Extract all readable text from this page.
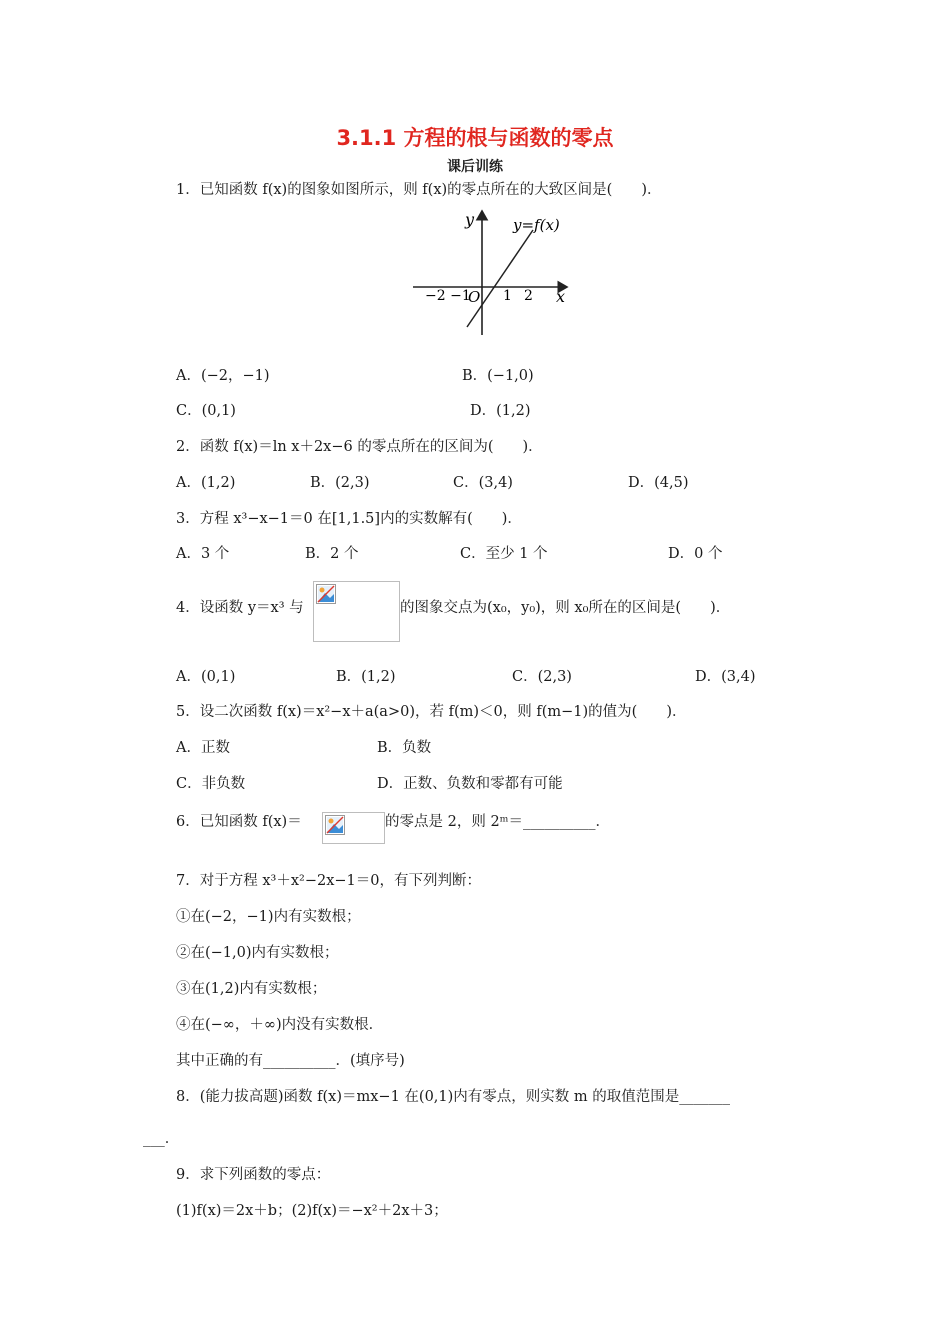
3.1.1 方程的根与函数的零点
课后训练
1．已知函数 f(x)的图象如图所示，则 f(x)的零点所在的大致区间是(　　)．
y	y=f(x)
−2 −1
O 1 2 x
A．(−2，−1)	B．(−1,0)
C．(0,1)	D．(1,2)
2．函数 f(x)＝ln x＋2x−6 的零点所在的区间为(　　)．
A．(1,2)	B．(2,3)	C．(3,4)	D．(4,5)
3．方程 x³−x−1＝0 在[1,1.5]内的实数解有(　　)．
A．3 个	B．2 个	C．至少 1 个	D．0 个
4．设函数 y＝x³ 与	的图象交点为(x₀，y₀)，则 x₀所在的区间是(　　)．
A．(0,1)	B．(1,2)	C．(2,3)	D．(3,4)
5．设二次函数 f(x)＝x²−x＋a(a>0)，若 f(m)＜0，则 f(m−1)的值为(　　)．
A．正数	B．负数
C．非负数	D．正数、负数和零都有可能
6．已知函数 f(x)＝	的零点是 2，则 2ᵐ＝__________．
7．对于方程 x³＋x²−2x−1＝0，有下列判断：
①在(−2，−1)内有实数根；
②在(−1,0)内有实数根；
③在(1,2)内有实数根；
④在(−∞，＋∞)内没有实数根．
其中正确的有__________．(填序号)
8．(能力拔高题)函数 f(x)＝mx−1 在(0,1)内有零点，则实数 m 的取值范围是_______
___．
9．求下列函数的零点：
(1)f(x)＝2x＋b；(2)f(x)＝−x²＋2x＋3；
